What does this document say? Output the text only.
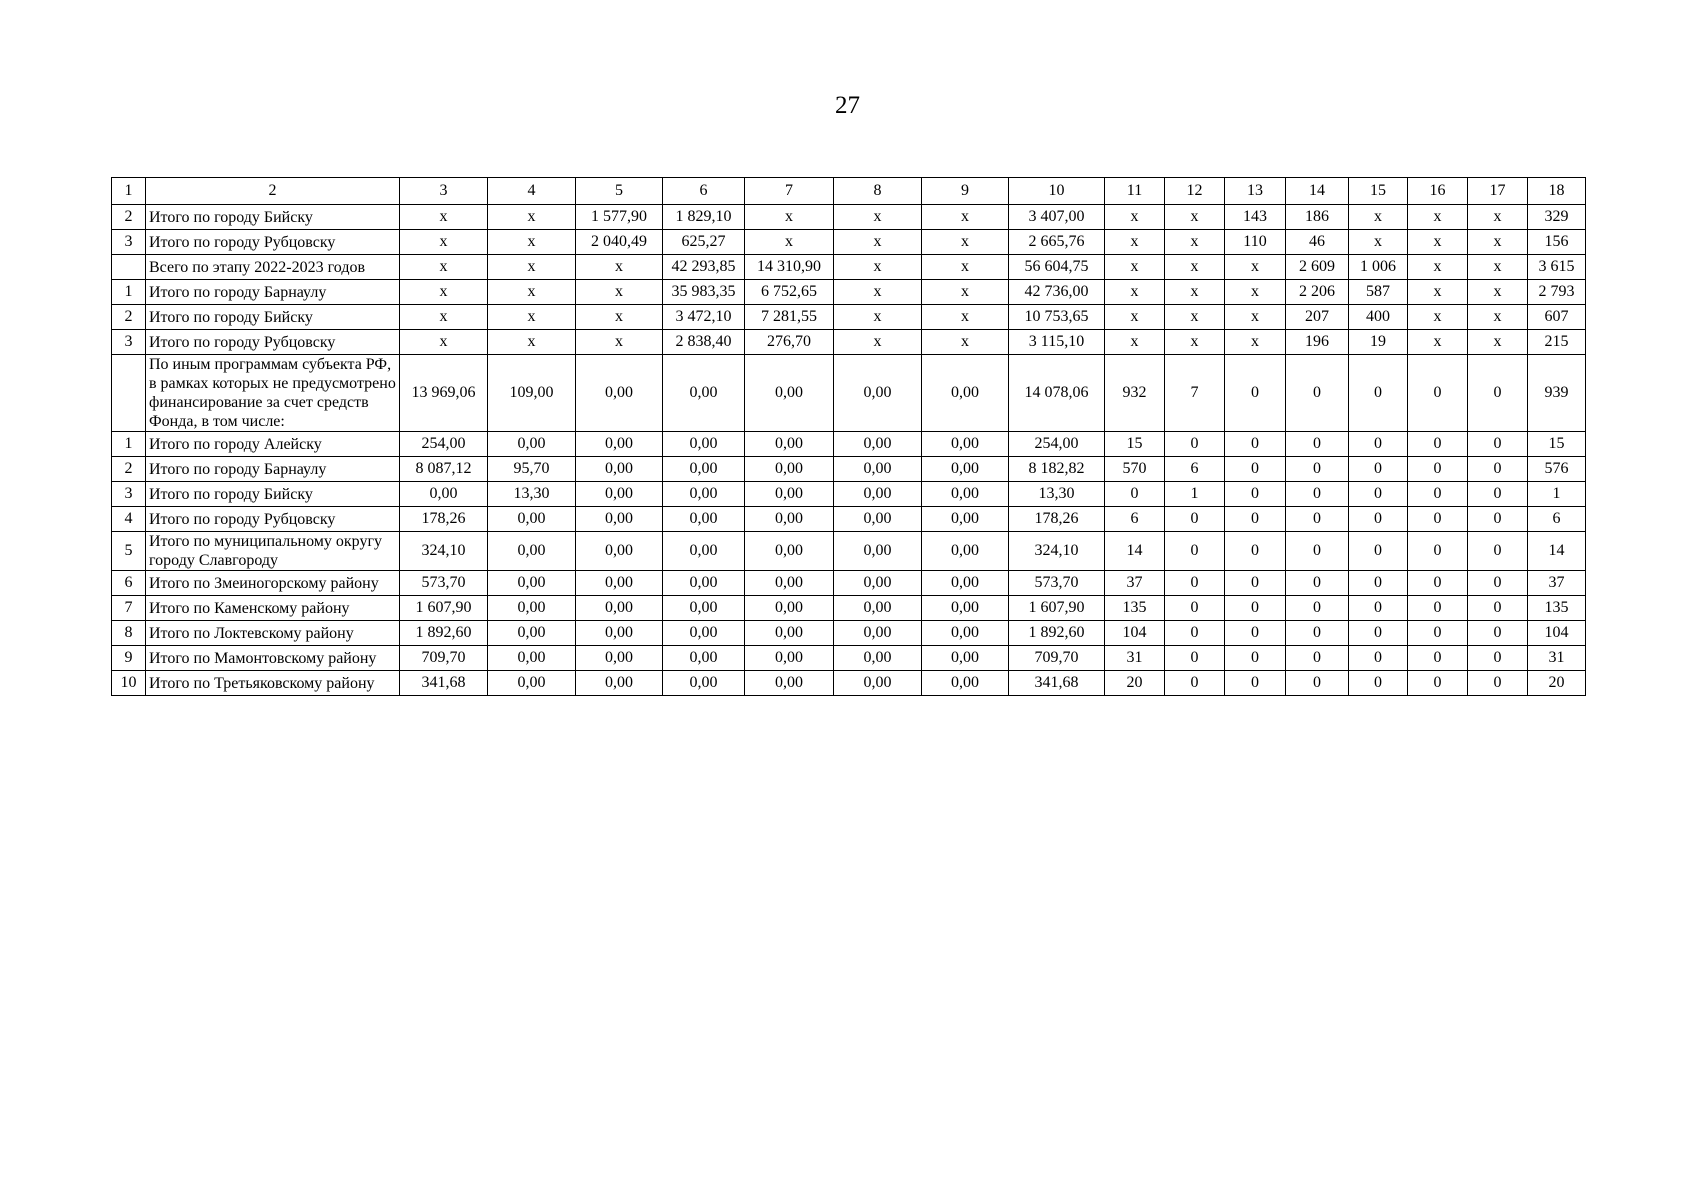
27
1	2	3	4	5	6	7	8	9	10	11	12	13	14	15	16	17	18
2	Итого по городу Бийску	x	x	1 577,90	1 829,10	x	x	x	3 407,00	x	x	143	186	x	x	x	329
3	Итого по городу Рубцовску	x	x	2 040,49	625,27	x	x	x	2 665,76	x	x	110	46	x	x	x	156
	Всего по этапу 2022-2023 годов	x	x	x	42 293,85	14 310,90	x	x	56 604,75	x	x	x	2 609	1 006	x	x	3 615
1	Итого по городу Барнаулу	x	x	x	35 983,35	6 752,65	x	x	42 736,00	x	x	x	2 206	587	x	x	2 793
2	Итого по городу Бийску	x	x	x	3 472,10	7 281,55	x	x	10 753,65	x	x	x	207	400	x	x	607
3	Итого по городу Рубцовску	x	x	x	2 838,40	276,70	x	x	3 115,10	x	x	x	196	19	x	x	215
	По иным программам субъекта РФ, в рамках которых не предусмотрено финансирование за счет средств Фонда, в том числе:	13 969,06	109,00	0,00	0,00	0,00	0,00	0,00	14 078,06	932	7	0	0	0	0	0	939
1	Итого по городу Алейску	254,00	0,00	0,00	0,00	0,00	0,00	0,00	254,00	15	0	0	0	0	0	0	15
2	Итого по городу Барнаулу	8 087,12	95,70	0,00	0,00	0,00	0,00	0,00	8 182,82	570	6	0	0	0	0	0	576
3	Итого по городу Бийску	0,00	13,30	0,00	0,00	0,00	0,00	0,00	13,30	0	1	0	0	0	0	0	1
4	Итого по городу Рубцовску	178,26	0,00	0,00	0,00	0,00	0,00	0,00	178,26	6	0	0	0	0	0	0	6
5	Итого по муниципальному округу городу Славгороду	324,10	0,00	0,00	0,00	0,00	0,00	0,00	324,10	14	0	0	0	0	0	0	14
6	Итого по Змеиногорскому району	573,70	0,00	0,00	0,00	0,00	0,00	0,00	573,70	37	0	0	0	0	0	0	37
7	Итого по Каменскому району	1 607,90	0,00	0,00	0,00	0,00	0,00	0,00	1 607,90	135	0	0	0	0	0	0	135
8	Итого по Локтевскому району	1 892,60	0,00	0,00	0,00	0,00	0,00	0,00	1 892,60	104	0	0	0	0	0	0	104
9	Итого по Мамонтовскому району	709,70	0,00	0,00	0,00	0,00	0,00	0,00	709,70	31	0	0	0	0	0	0	31
10	Итого по Третьяковскому району	341,68	0,00	0,00	0,00	0,00	0,00	0,00	341,68	20	0	0	0	0	0	0	20
